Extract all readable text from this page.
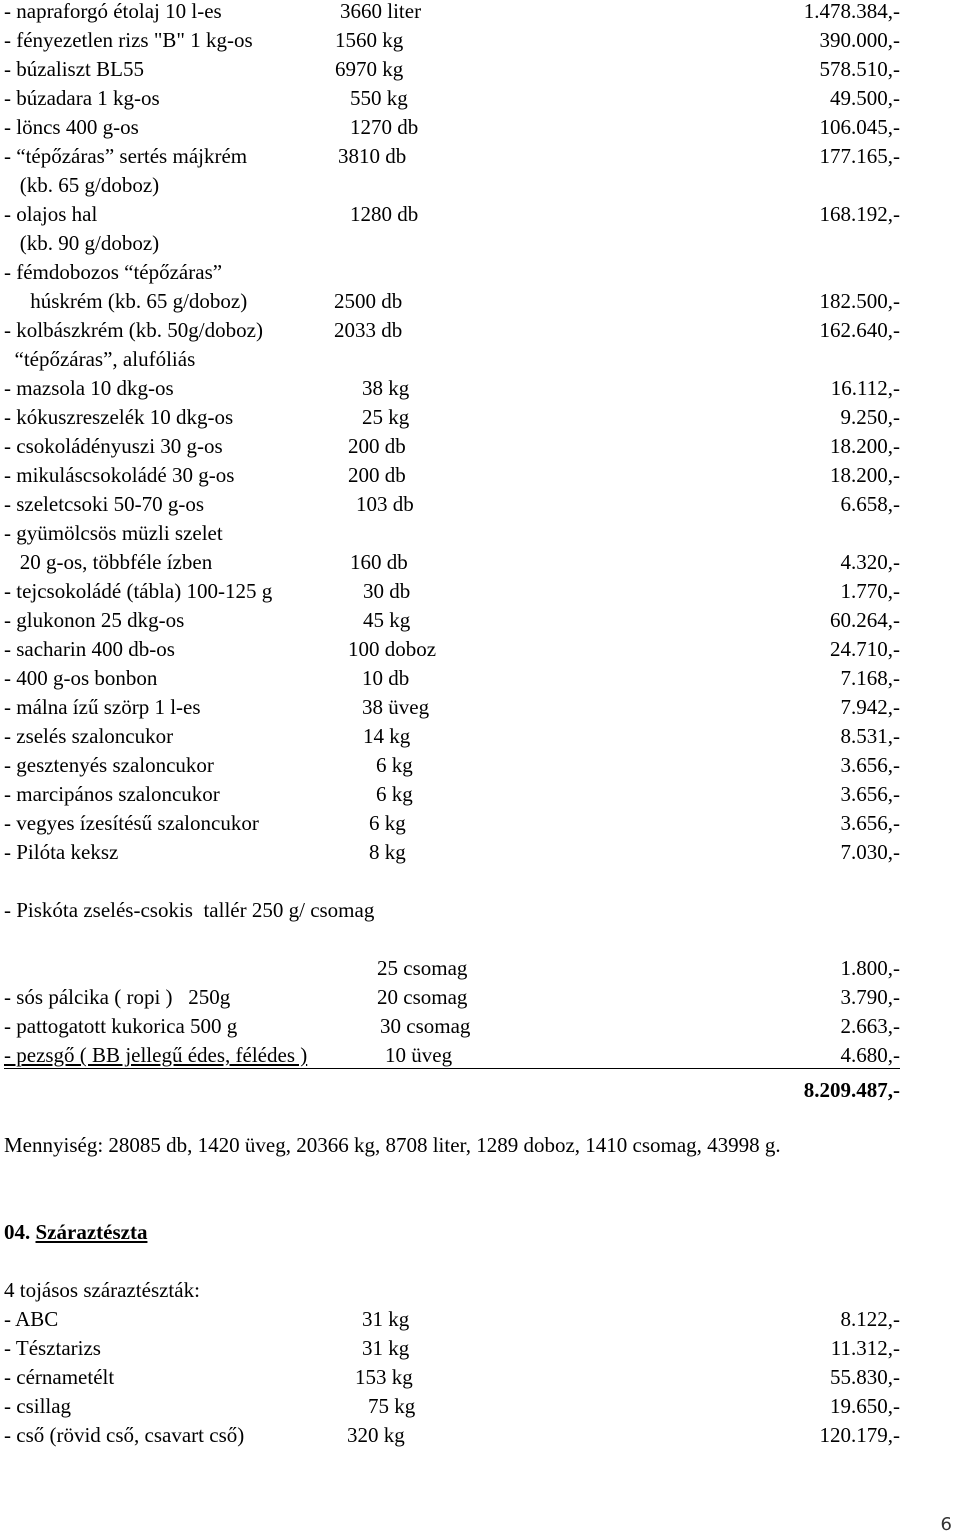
- napraforgó étolaj 10 l-es	3660 liter	1.478.384,-
- fényezetlen rizs "B" 1 kg-os	1560 kg	390.000,-
- búzaliszt BL55	6970 kg	578.510,-
- búzadara 1 kg-os	550 kg	49.500,-
- löncs 400 g-os	1270 db	106.045,-
- “tépőzáras” sertés májkrém	3810 db	177.165,-
(kb. 65 g/doboz)
- olajos hal	1280 db	168.192,-
(kb. 90 g/doboz)
- fémdobozos “tépőzáras”
húskrém (kb. 65 g/doboz)	2500 db	182.500,-
- kolbászkrém (kb. 50g/doboz)	2033 db	162.640,-
“tépőzáras”, alufóliás
- mazsola 10 dkg-os	38 kg	16.112,-
- kókuszreszelék 10 dkg-os	25 kg	9.250,-
- csokoládényuszi 30 g-os	200 db	18.200,-
- mikuláscsokoládé 30 g-os	200 db	18.200,-
- szeletcsoki 50-70 g-os	103 db	6.658,-
- gyümölcsös müzli szelet
20 g-os, többféle ízben	160 db	4.320,-
- tejcsokoládé (tábla) 100-125 g	30 db	1.770,-
- glukonon 25 dkg-os	45 kg	60.264,-
- sacharin 400 db-os	100 doboz	24.710,-
- 400 g-os bonbon	10 db	7.168,-
- málna ízű szörp 1 l-es	38 üveg	7.942,-
- zselés szaloncukor	14 kg	8.531,-
- gesztenyés szaloncukor	6 kg	3.656,-
- marcipános szaloncukor	6 kg	3.656,-
- vegyes ízesítésű szaloncukor	6 kg	3.656,-
- Pilóta keksz	8 kg	7.030,-
- Piskóta zselés-csokis  tallér 250 g/ csomag
25 csomag	1.800,-
- sós pálcika ( ropi )   250g	20 csomag	3.790,-
- pattogatott kukorica 500 g	30 csomag	2.663,-
- pezsgő ( BB jellegű édes, félédes )	10 üveg	4.680,-
8.209.487,-
Mennyiség: 28085 db, 1420 üveg, 20366 kg, 8708 liter, 1289 doboz, 1410 csomag, 43998 g.
04. Száraztészta
4 tojásos száraztészták:
- ABC	31 kg	8.122,-
- Tésztarizs	31 kg	11.312,-
- cérnametélt	153 kg	55.830,-
- csillag	75 kg	19.650,-
- cső (rövid cső, csavart cső)	320 kg	120.179,-
6
